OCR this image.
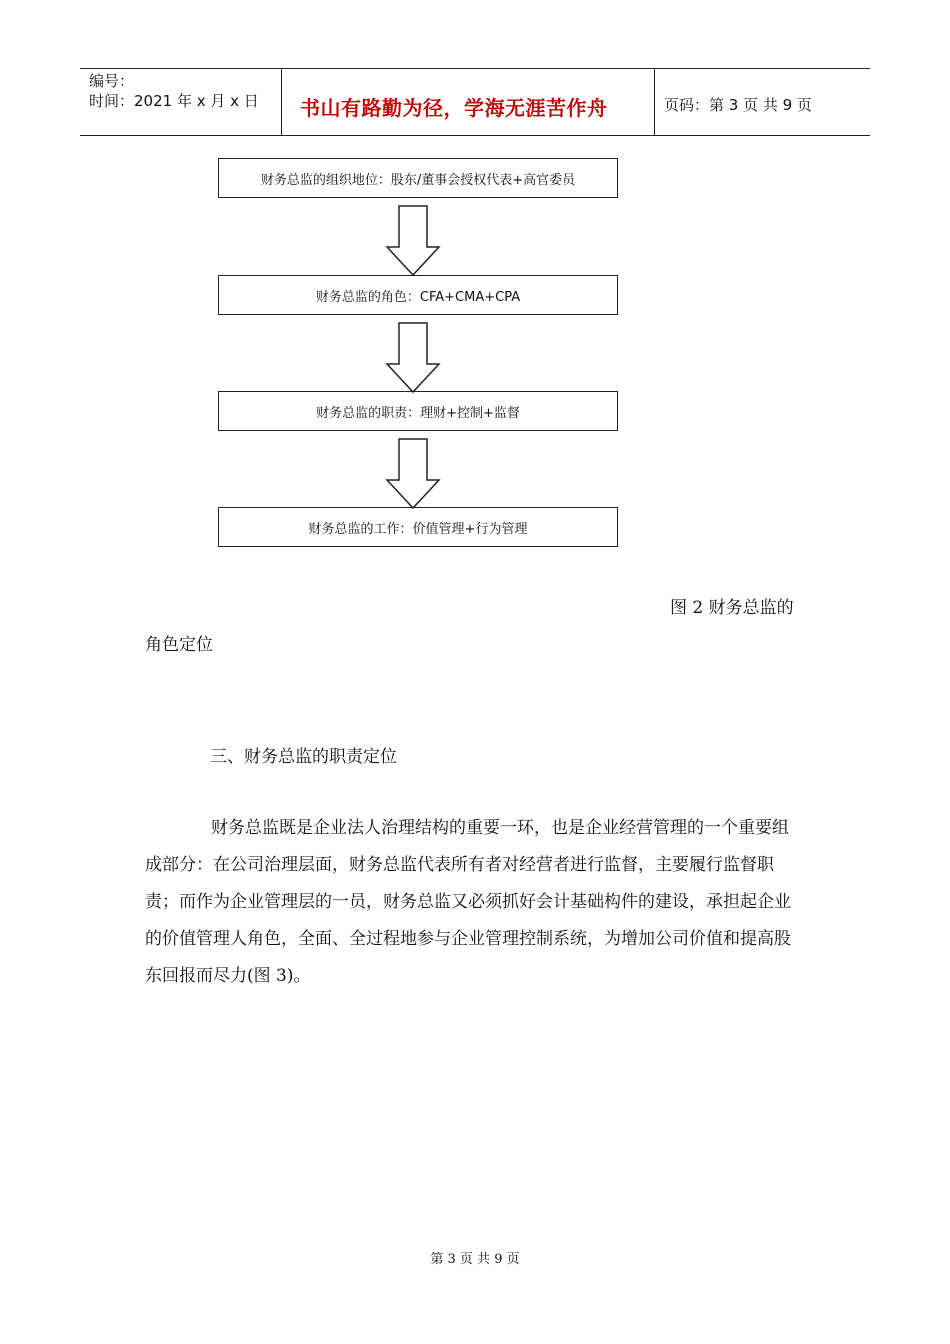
编号：
时间：2021 年 x 月 x 日 书山有路勤为径，学海无涯苦作舟	页码：第 3 页 共 9 页
财务总监的组织地位：股东/董事会授权代表+高官委员
财务总监的角色：CFA+CMA+CPA
财务总监的职责：理财+控制+监督
财务总监的工作：价值管理+行为管理
图 2 财务总监的
角色定位
三、财务总监的职责定位
财务总监既是企业法人治理结构的重要一环，也是企业经营管理的一个重要组成部分：在公司治理层面，财务总监代表所有者对经营者进行监督，主要履行监督职责；而作为企业管理层的一员，财务总监又必须抓好会计基础构件的建设，承担起企业的价值管理人角色，全面、全过程地参与企业管理控制系统，为增加公司价值和提高股东回报而尽力(图 3)。
第 3 页 共 9 页
